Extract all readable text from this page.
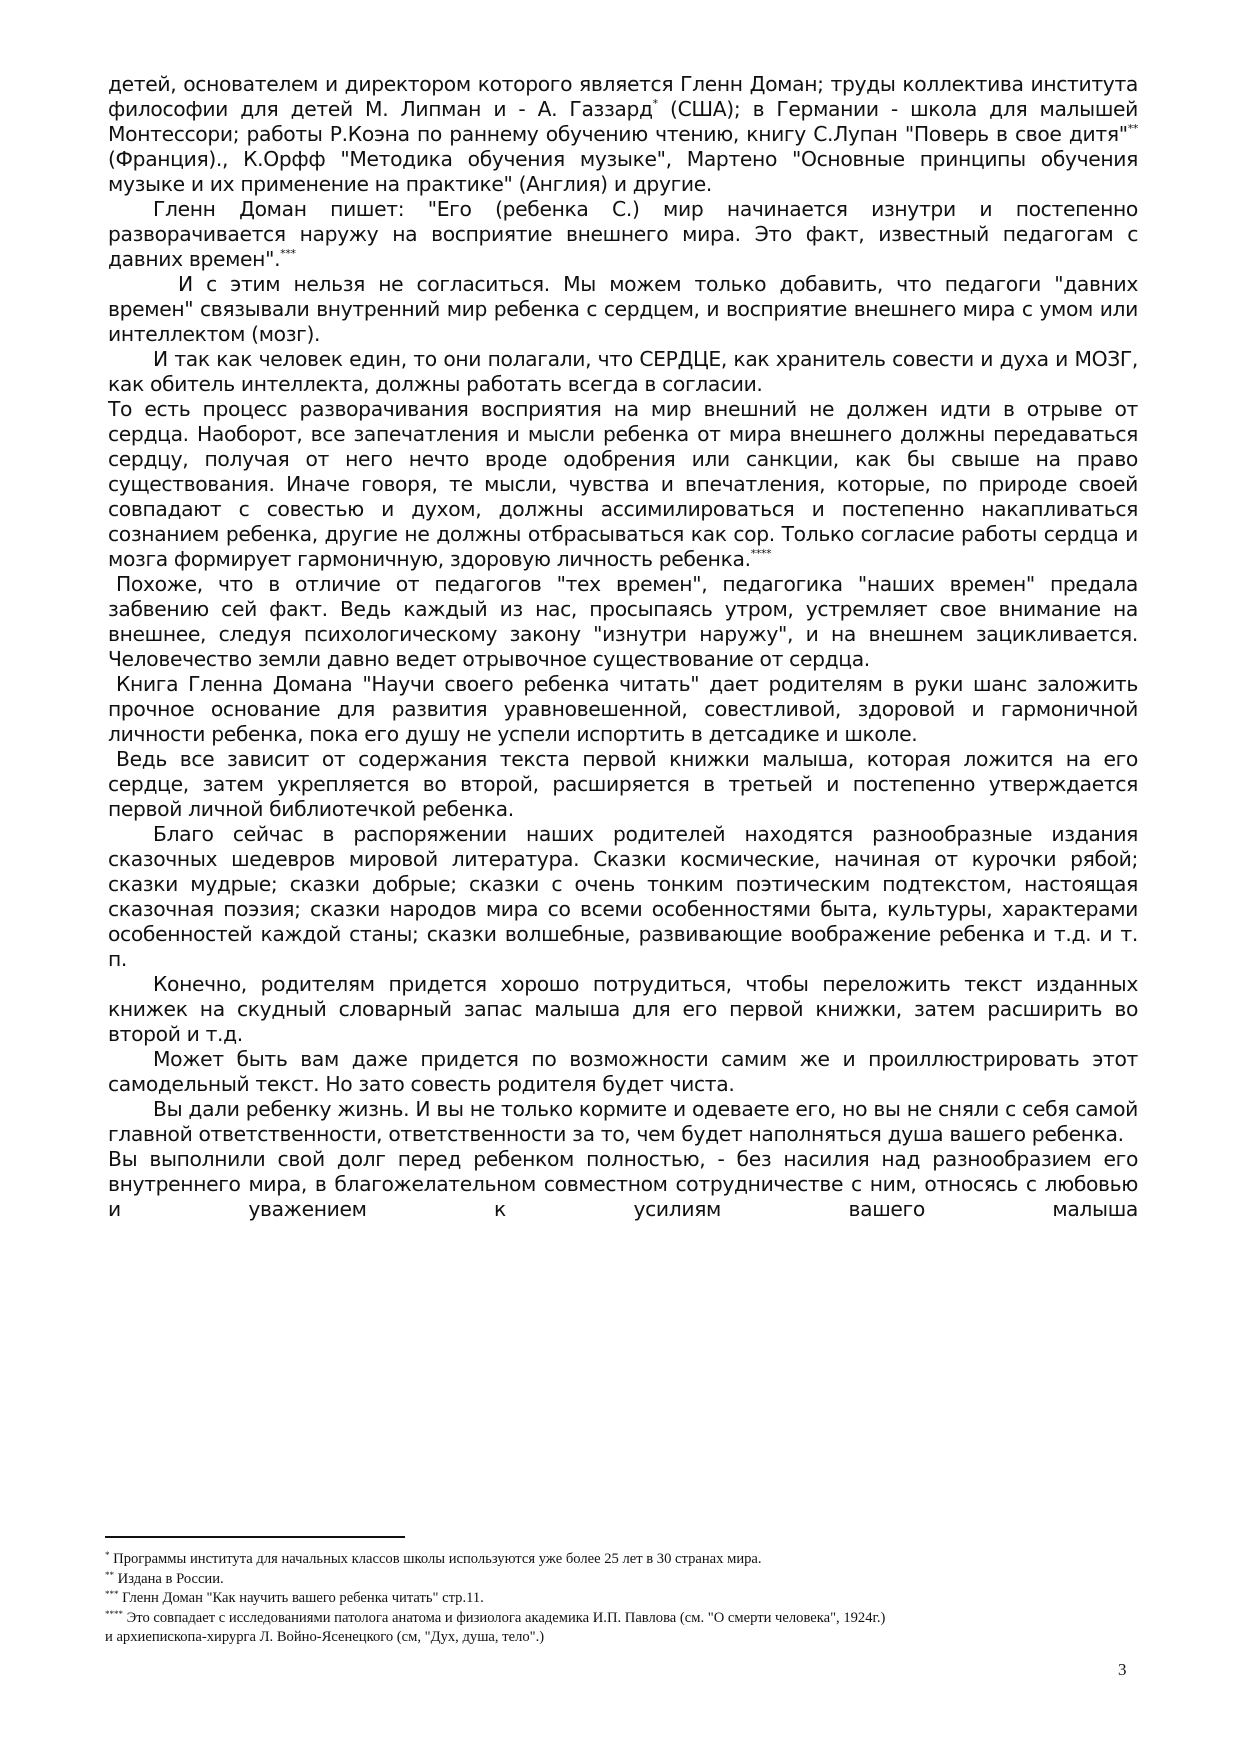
детей, основателем и директором которого является Гленн Доман; труды коллектива института философии для детей М. Липман и - А. Газзард* (США); в Германии - школа для малышей Монтессори; работы Р.Коэна по раннему обучению чтению, книгу С.Лупан "Поверь в свое дитя"** (Франция)., К.Орфф "Методика обучения музыке", Мартено "Основные принципы обучения музыке и их применение на практике" (Англия) и другие.

Гленн Доман пишет: "Его (ребенка С.) мир начинается изнутри и постепенно разворачивается наружу на восприятие внешнего мира. Это факт, известный педагогам с давних времен".***

И с этим нельзя не согласиться. Мы можем только добавить, что педагоги "давних времен" связывали внутренний мир ребенка с сердцем, и восприятие внешнего мира с умом или интеллектом (мозг).

И так как человек един, то они полагали, что СЕРДЦЕ, как хранитель совести и духа и МОЗГ, как обитель интеллекта, должны работать всегда в согласии.

То есть процесс разворачивания восприятия на мир внешний не должен идти в отрыве от сердца. Наоборот, все запечатления и мысли ребенка от мира внешнего должны передаваться сердцу, получая от него нечто вроде одобрения или санкции, как бы свыше на право существования. Иначе говоря, те мысли, чувства и впечатления, которые, по природе своей совпадают с совестью и духом, должны ассимилироваться и постепенно накапливаться сознанием ребенка, другие не должны отбрасываться как сор. Только согласие работы сердца и мозга формирует гармоничную, здоровую личность ребенка.****

Похоже, что в отличие от педагогов "тех времен", педагогика "наших времен" предала забвению сей факт. Ведь каждый из нас, просыпаясь утром, устремляет свое внимание на внешнее, следуя психологическому закону "изнутри наружу", и на внешнем зацикливается. Человечество земли давно ведет отрывочное существование от сердца.

Книга Гленна Домана "Научи своего ребенка читать" дает родителям в руки шанс заложить прочное основание для развития уравновешенной, совестливой, здоровой и гармоничной личности ребенка, пока его душу не успели испортить в детсадике и школе.

Ведь все зависит от содержания текста первой книжки малыша, которая ложится на его сердце, затем укрепляется во второй, расширяется в третьей и постепенно утверждается первой личной библиотечкой ребенка.

Благо сейчас в распоряжении наших родителей находятся разнообразные издания сказочных шедевров мировой литература. Сказки космические, начиная от курочки рябой; сказки мудрые; сказки добрые; сказки с очень тонким поэтическим подтекстом, настоящая сказочная поэзия; сказки народов мира со всеми особенностями быта, культуры, характерами особенностей каждой станы; сказки волшебные, развивающие воображение ребенка и т.д. и т. п.

Конечно, родителям придется хорошо потрудиться, чтобы переложить текст изданных книжек на скудный словарный запас малыша для его первой книжки, затем расширить во второй и т.д.

Может быть вам даже придется по возможности самим же и проиллюстрировать этот самодельный текст. Но зато совесть родителя будет чиста.

Вы дали ребенку жизнь. И вы не только кормите и одеваете его, но вы не сняли с себя самой главной ответственности, ответственности за то, чем будет наполняться душа вашего ребенка.

Вы выполнили свой долг перед ребенком полностью, - без насилия над разнообразием его внутреннего мира, в благожелательном совместном сотрудничестве с ним, относясь с любовью и уважением к усилиям вашего малыша

* Программы института для начальных классов школы используются уже более 25 лет в 30 странах мира.

** Издана в России.

*** Гленн Доман "Как научить вашего ребенка читать" стр.11.

**** Это совпадает с исследованиями патолога анатома и физиолога академика И.П. Павлова (см. "О смерти человека", 1924г.)

и архиепископа-хирурга Л. Войно-Ясенецкого (см, "Дух, душа, тело".)

3
